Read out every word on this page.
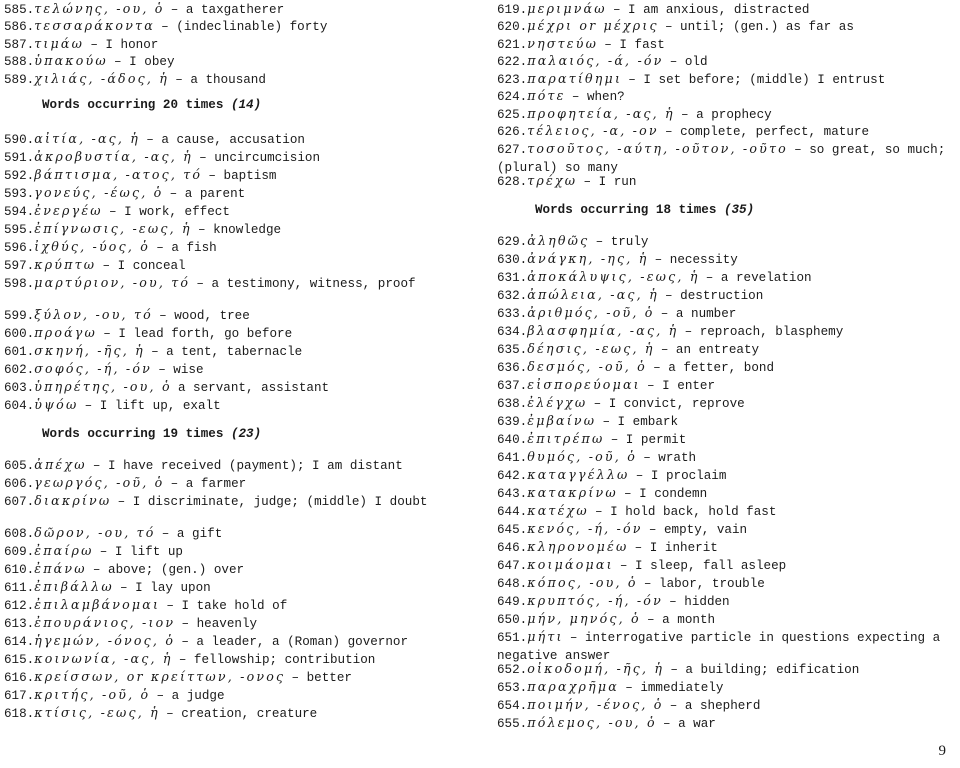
585.τελώνης, -ου, ὁ – a taxgatherer
586.τεσσαράκοντα – (indeclinable) forty
587.τιμάω – I honor
588.ὑπακούω – I obey
589.χιλιάς, -άδος, ἡ – a thousand
Words occurring 20 times (14)
590.αἰτία, -ας, ἡ – a cause, accusation
591.ἀκροβυστία, -ας, ἡ – uncircumcision
592.βάπτισμα, -ατος, τό – baptism
593.γονεύς, -έως, ὁ – a parent
594.ἐνεργέω – I work, effect
595.ἐπίγνωσις, -εως, ἡ – knowledge
596.ἰχθύς, -ύος, ὁ – a fish
597.κρύπτω – I conceal
598.μαρτύριον, -ου, τό – a testimony, witness, proof
599.ξύλον, -ου, τό – wood, tree
600.προάγω – I lead forth, go before
601.σκηνή, -ῆς, ἡ – a tent, tabernacle
602.σοφός, -ή, -όν – wise
603.ὑπηρέτης, -ου, ὁ a servant, assistant
604.ὑψόω – I lift up, exalt
Words occurring 19 times (23)
605.ἀπέχω – I have received (payment); I am distant
606.γεωργός, -οῦ, ὁ – a farmer
607.διακρίνω – I discriminate, judge; (middle) I doubt
608.δῶρον, -ου, τό – a gift
609.ἐπαίρω – I lift up
610.ἐπάνω – above; (gen.) over
611.ἐπιβάλλω – I lay upon
612.ἐπιλαμβάνομαι – I take hold of
613.ἐπουράνιος, -ιον – heavenly
614.ἡγεμών, -όνος, ὁ – a leader, a (Roman) governor
615.κοινωνία, -ας, ἡ – fellowship; contribution
616.κρείσσων, or κρείττων, -ονος – better
617.κριτής, -οῦ, ὁ – a judge
618.κτίσις, -εως, ἡ – creation, creature
619.μεριμνάω – I am anxious, distracted
620.μέχρι or μέχρις – until; (gen.) as far as
621.νηστεύω – I fast
622.παλαιός, -ά, -όν – old
623.παρατίθημι – I set before; (middle) I entrust
624.πότε – when?
625.προφητεία, -ας, ἡ – a prophecy
626.τέλειος, -α, -ον – complete, perfect, mature
627.τοσοῦτος, -αύτη, -οῦτον, -οῦτο – so great, so much; (plural) so many
628.τρέχω – I run
Words occurring 18 times (35)
629.ἀληθῶς – truly
630.ἀνάγκη, -ης, ἡ – necessity
631.ἀποκάλυψις, -εως, ἡ – a revelation
632.ἀπώλεια, -ας, ἡ – destruction
633.ἀριθμός, -οῦ, ὁ – a number
634.βλασφημία, -ας, ἡ – reproach, blasphemy
635.δέησις, -εως, ἡ – an entreaty
636.δεσμός, -οῦ, ὁ – a fetter, bond
637.εἰσπορεύομαι – I enter
638.ἐλέγχω – I convict, reprove
639.ἐμβαίνω – I embark
640.ἐπιτρέπω – I permit
641.θυμός, -οῦ, ὁ – wrath
642.καταγγέλλω – I proclaim
643.κατακρίνω – I condemn
644.κατέχω – I hold back, hold fast
645.κενός, -ή, -όν – empty, vain
646.κληρονομέω – I inherit
647.κοιμάομαι – I sleep, fall asleep
648.κόπος, -ου, ὁ – labor, trouble
649.κρυπτός, -ή, -όν – hidden
650.μήν, μηνός, ὁ – a month
651.μήτι – interrogative particle in questions expecting a negative answer
652.οἰκοδομή, -ῆς, ἡ – a building; edification
653.παραχρῆμα – immediately
654.ποιμήν, -ένος, ὁ – a shepherd
655.πόλεμος, -ου, ὁ – a war
9
